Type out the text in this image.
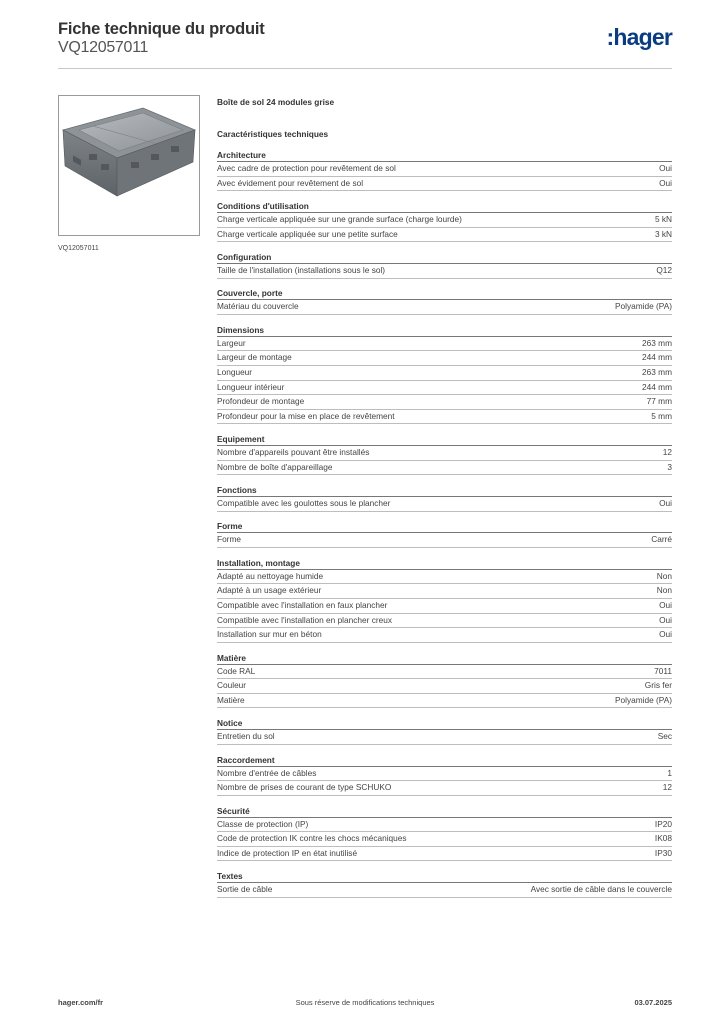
Fiche technique du produit
VQ12057011	:hager
VQ12057011
Boîte de sol 24 modules grise
Caractéristiques techniques
Architecture
Avec cadre de protection pour revêtement de sol	Oui
Avec évidement pour revêtement de sol	Oui
Conditions d'utilisation
Charge verticale appliquée sur une grande surface (charge lourde)	5 kN
Charge verticale appliquée sur une petite surface	3 kN
Configuration
Taille de l'installation (installations sous le sol)	Q12
Couvercle, porte
Matériau du couvercle	Polyamide (PA)
Dimensions
Largeur	263 mm
Largeur de montage	244 mm
Longueur	263 mm
Longueur intérieur	244 mm
Profondeur de montage	77 mm
Profondeur pour la mise en place de revêtement	5 mm
Equipement
Nombre d'appareils pouvant être installés	12
Nombre de boîte d'appareillage	3
Fonctions
Compatible avec les goulottes sous le plancher	Oui
Forme
Forme	Carré
Installation, montage
Adapté au nettoyage humide	Non
Adapté à un usage extérieur	Non
Compatible avec l'installation en faux plancher	Oui
Compatible avec l'installation en plancher creux	Oui
Installation sur mur en béton	Oui
Matière
Code RAL	7011
Couleur	Gris fer
Matière	Polyamide (PA)
Notice
Entretien du sol	Sec
Raccordement
Nombre d'entrée de câbles	1
Nombre de prises de courant de type SCHUKO	12
Sécurité
Classe de protection (IP)	IP20
Code de protection IK contre les chocs mécaniques	IK08
Indice de protection IP en état inutilisé	IP30
Textes
Sortie de câble	Avec sortie de câble dans le couvercle
Sous réserve de modifications techniques
hager.com/fr	03.07.2025
